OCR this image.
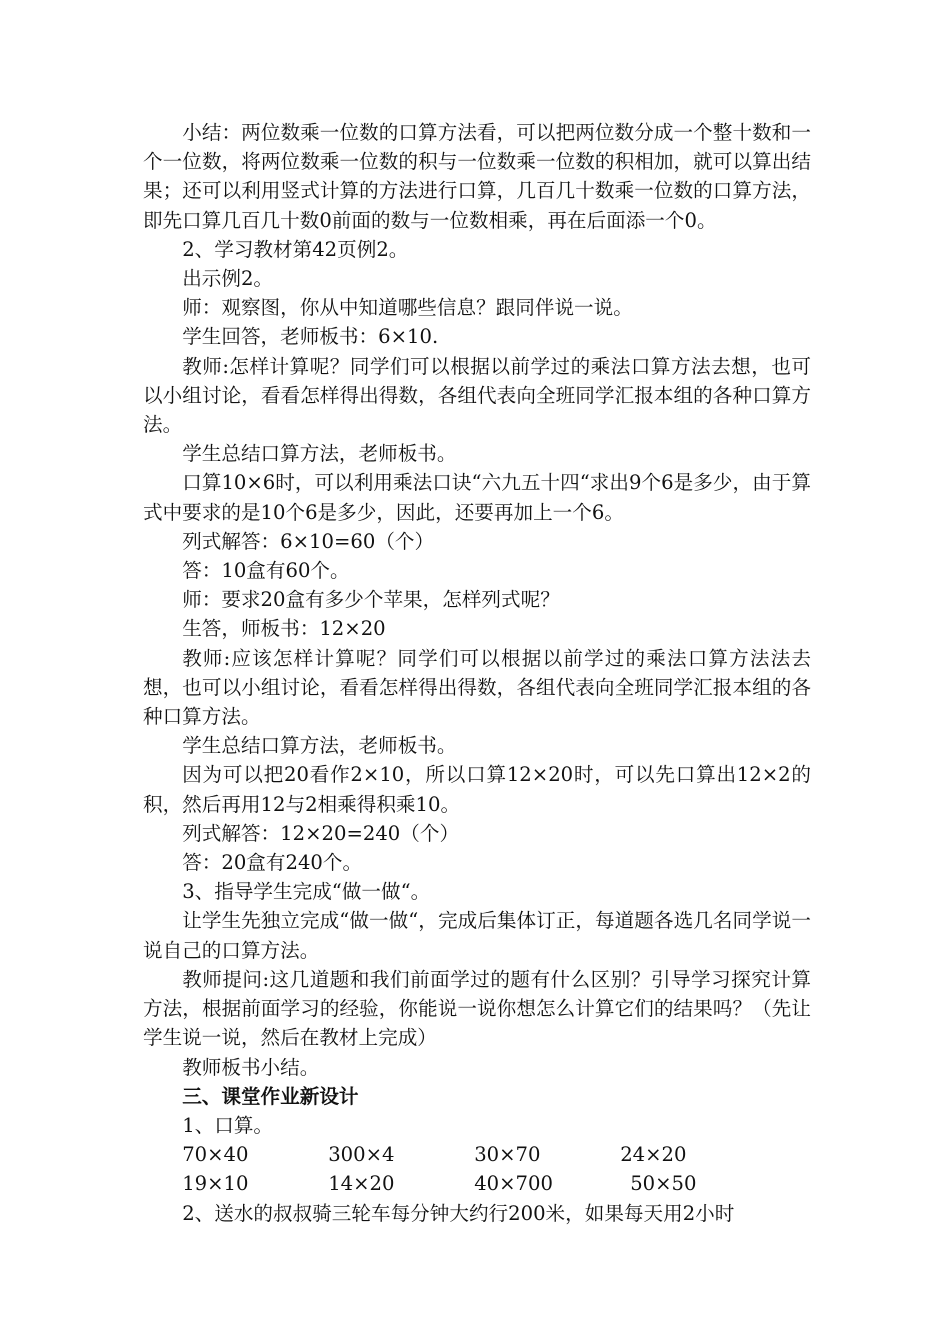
小结：两位数乘一位数的口算方法看，可以把两位数分成一个整十数和一个一位数，将两位数乘一位数的积与一位数乘一位数的积相加，就可以算出结果；还可以利用竖式计算的方法进行口算，几百几十数乘一位数的口算方法，即先口算几百几十数0前面的数与一位数相乘，再在后面添一个0。

2、学习教材第42页例2。

出示例2。

师：观察图，你从中知道哪些信息？跟同伴说一说。

学生回答，老师板书：6×10.

教师:怎样计算呢？同学们可以根据以前学过的乘法口算方法去想，也可以小组讨论，看看怎样得出得数，各组代表向全班同学汇报本组的各种口算方法。

学生总结口算方法，老师板书。

口算10×6时，可以利用乘法口诀“六九五十四“求出9个6是多少，由于算式中要求的是10个6是多少，因此，还要再加上一个6。

列式解答：6×10=60（个）

答：10盒有60个。

师：要求20盒有多少个苹果，怎样列式呢？

生答，师板书：12×20

教师:应该怎样计算呢？同学们可以根据以前学过的乘法口算方法法去想，也可以小组讨论，看看怎样得出得数，各组代表向全班同学汇报本组的各种口算方法。

学生总结口算方法，老师板书。

因为可以把20看作2×10，所以口算12×20时，可以先口算出12×2的积，然后再用12与2相乘得积乘10。

列式解答：12×20=240（个）

答：20盒有240个。

3、指导学生完成“做一做“。

让学生先独立完成“做一做“，完成后集体订正，每道题各选几名同学说一说自己的口算方法。

教师提问:这几道题和我们前面学过的题有什么区别？引导学习探究计算方法，根据前面学习的经验，你能说一说你想怎么计算它们的结果吗？（先让学生说一说，然后在教材上完成）

教师板书小结。

三、课堂作业新设计

1、口算。

70×40	300×4	30×70	24×20
19×10	14×20	40×700	50×50

2、送水的叔叔骑三轮车每分钟大约行200米，如果每天用2小时
